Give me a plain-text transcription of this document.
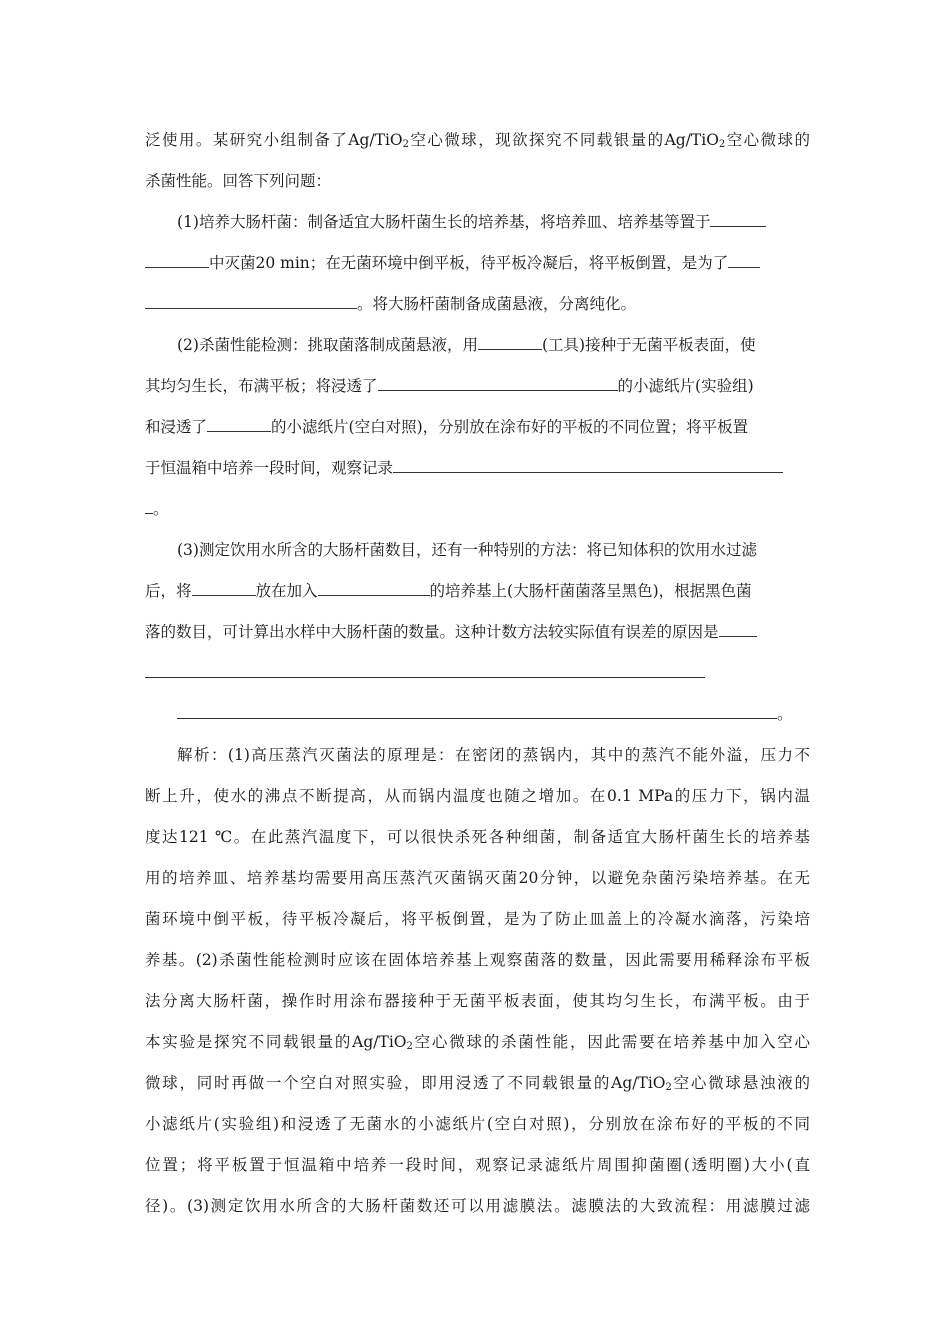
泛使用。某研究小组制备了Ag/TiO$_2$空心微球，现欲探究不同载银量的Ag/TiO$_2$空心微球的
杀菌性能。回答下列问题：
(1)培养大肠杆菌：制备适宜大肠杆菌生长的培养基，将培养皿、培养基等置于
中灭菌20 min；在无菌环境中倒平板，待平板冷凝后，将平板倒置，是为了
。将大肠杆菌制备成菌悬液，分离纯化。
(2)杀菌性能检测：挑取菌落制成菌悬液，用	(工具)接种于无菌平板表面，使
其均匀生长，布满平板；将浸透了	的小滤纸片(实验组)
和浸透了	的小滤纸片(空白对照)，分别放在涂布好的平板的不同位置；将平板置
于恒温箱中培养一段时间，观察记录
。
(3)测定饮用水所含的大肠杆菌数目，还有一种特别的方法：将已知体积的饮用水过滤
后，将	放在加入	的培养基上(大肠杆菌菌落呈黑色)，根据黑色菌
落的数目，可计算出水样中大肠杆菌的数量。这种计数方法较实际值有误差的原因是
。
解析：(1)高压蒸汽灭菌法的原理是：在密闭的蒸锅内，其中的蒸汽不能外溢，压力不
断上升，使水的沸点不断提高，从而锅内温度也随之增加。在0.1 MPa的压力下，锅内温
度达121 ℃。在此蒸汽温度下，可以很快杀死各种细菌，制备适宜大肠杆菌生长的培养基
用的培养皿、培养基均需要用高压蒸汽灭菌锅灭菌20分钟，以避免杂菌污染培养基。在无
菌环境中倒平板，待平板冷凝后，将平板倒置，是为了防止皿盖上的冷凝水滴落，污染培
养基。(2)杀菌性能检测时应该在固体培养基上观察菌落的数量，因此需要用稀释涂布平板
法分离大肠杆菌，操作时用涂布器接种于无菌平板表面，使其均匀生长，布满平板。由于
本实验是探究不同载银量的Ag/TiO$_2$空心微球的杀菌性能，因此需要在培养基中加入空心
微球，同时再做一个空白对照实验，即用浸透了不同载银量的Ag/TiO$_2$空心微球悬浊液的
小滤纸片(实验组)和浸透了无菌水的小滤纸片(空白对照)，分别放在涂布好的平板的不同
位置；将平板置于恒温箱中培养一段时间，观察记录滤纸片周围抑菌圈(透明圈)大小(直
径)。(3)测定饮用水所含的大肠杆菌数还可以用滤膜法。滤膜法的大致流程：用滤膜过滤
